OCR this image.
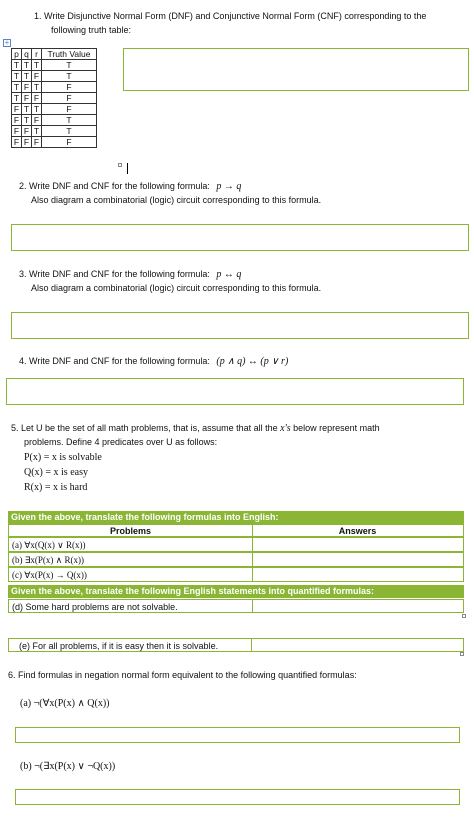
1. Write Disjunctive Normal Form (DNF) and Conjunctive Normal Form (CNF) corresponding to the
following truth table:
+
p	q	r	Truth Value
T	T	T	T
T	T	F	T
T	F	T	F
T	F	F	F
F	T	T	F
F	T	F	T
F	F	T	T
F	F	F	F
2. Write DNF and CNF for the following formula: p → q
Also diagram a combinatorial (logic) circuit corresponding to this formula.
3. Write DNF and CNF for the following formula: p ↔ q
Also diagram a combinatorial (logic) circuit corresponding to this formula.
4. Write DNF and CNF for the following formula: (p ∧ q) ↔ (p ∨ r)
5. Let U be the set of all math problems, that is, assume that all the x's below represent math
problems. Define 4 predicates over U as follows:
P(x) = x is solvable
Q(x) = x is easy
R(x) = x is hard
Given the above, translate the following formulas into English:
Problems	Answers
(a) ∀x(Q(x) ∨ R(x))
(b) ∃x(P(x) ∧ R(x))
(c) ∀x(P(x) → Q(x))
Given the above, translate the following English statements into quantified formulas:
(d) Some hard problems are not solvable.
(e) For all problems, if it is easy then it is solvable.
6. Find formulas in negation normal form equivalent to the following quantified formulas:
(a) ¬(∀x(P(x) ∧ Q(x))
(b) ¬(∃x(P(x) ∨ ¬Q(x))
